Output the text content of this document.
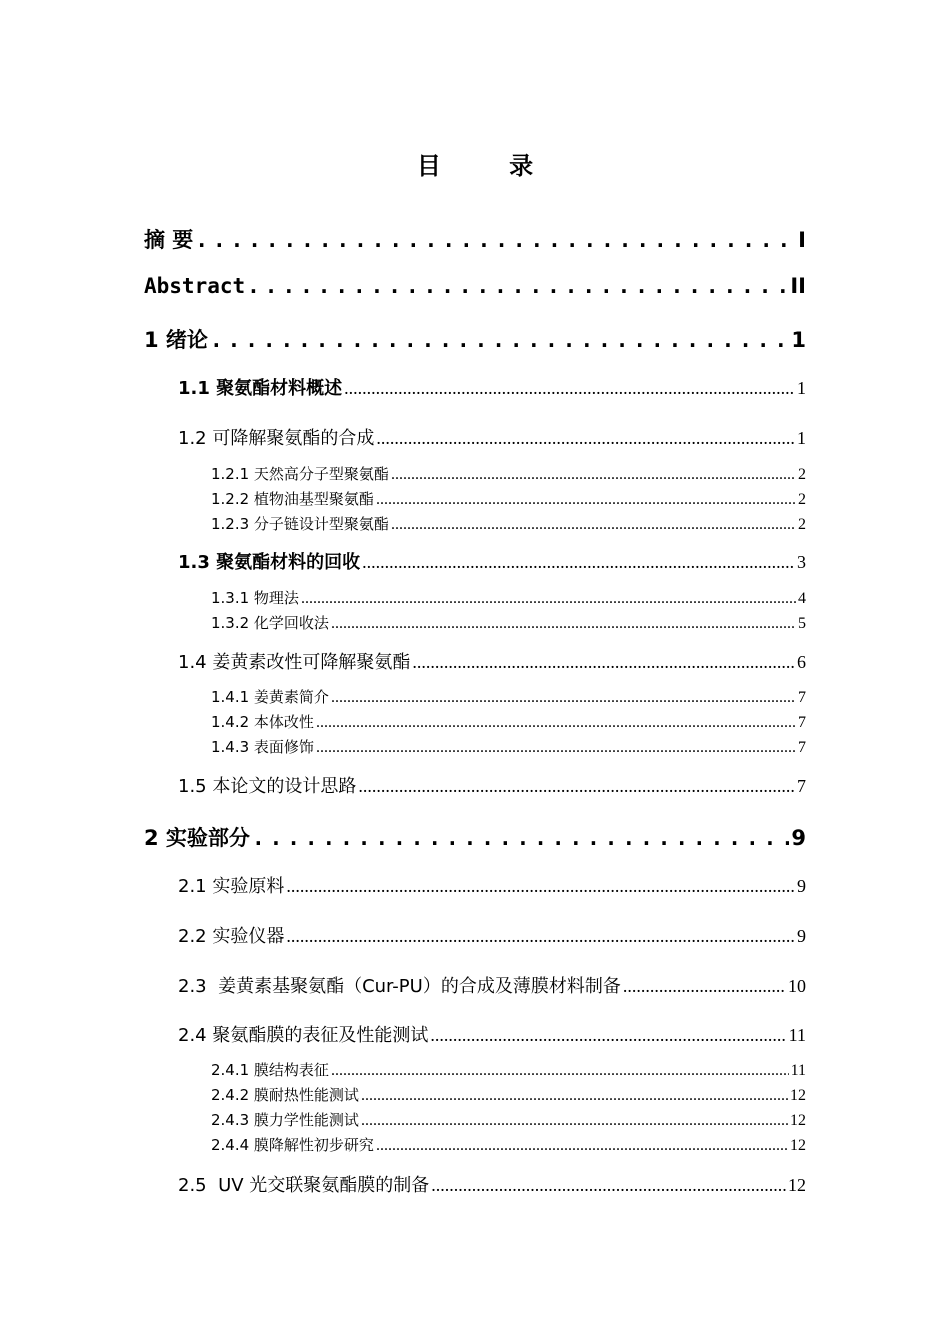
目 录
摘 要 .....	I
Abstract .....	II
1 绪论 .....	1
1.1 聚氨酯材料概述 .....	1
1.2 可降解聚氨酯的合成 .....	1
1.2.1 天然高分子型聚氨酯 .....	2
1.2.2 植物油基型聚氨酯 .....	2
1.2.3 分子链设计型聚氨酯 .....	2
1.3 聚氨酯材料的回收 .....	3
1.3.1 物理法 .....	4
1.3.2 化学回收法 .....	5
1.4 姜黄素改性可降解聚氨酯 .....	6
1.4.1 姜黄素简介 .....	7
1.4.2 本体改性 .....	7
1.4.3 表面修饰 .....	7
1.5 本论文的设计思路 .....	7
2 实验部分 .....	9
2.1 实验原料 .....	9
2.2 实验仪器 .....	9
2.3  姜黄素基聚氨酯（Cur-PU）的合成及薄膜材料制备 .....	10
2.4 聚氨酯膜的表征及性能测试 .....	11
2.4.1 膜结构表征 .....	11
2.4.2 膜耐热性能测试 .....	12
2.4.3 膜力学性能测试 .....	12
2.4.4 膜降解性初步研究 .....	12
2.5  UV 光交联聚氨酯膜的制备 .....	12
